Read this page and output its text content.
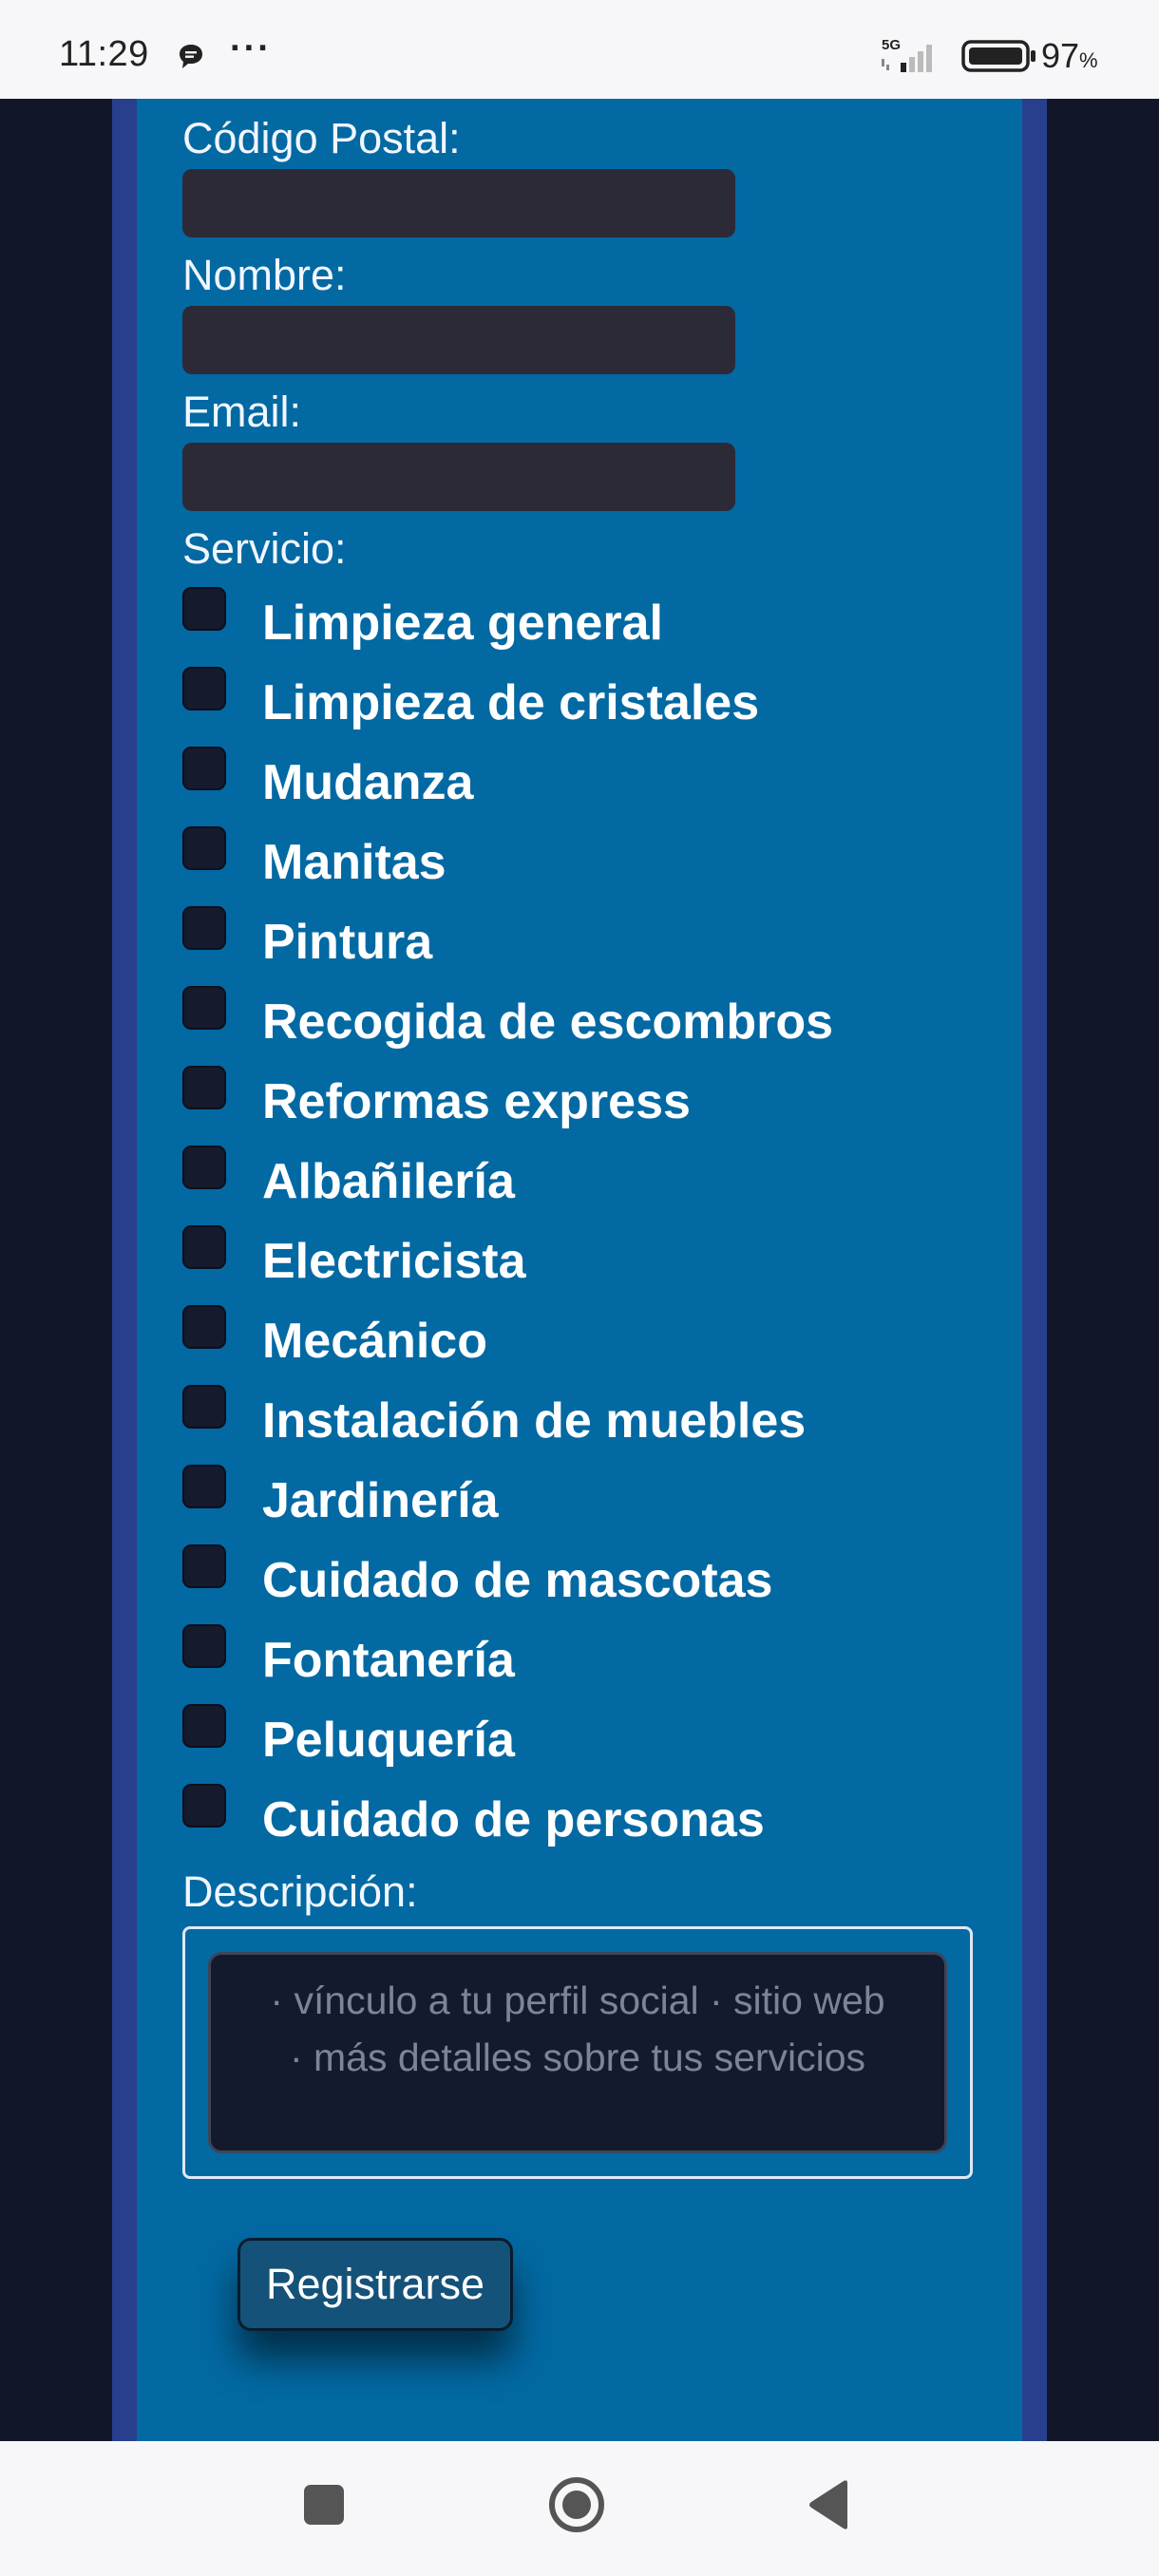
11:29 ···	5G	97%
Código Postal:
Nombre:
Email:
Servicio:
Limpieza general
Limpieza de cristales
Mudanza
Manitas
Pintura
Recogida de escombros
Reformas express
Albañilería
Electricista
Mecánico
Instalación de muebles
Jardinería
Cuidado de mascotas
Fontanería
Peluquería
Cuidado de personas
Descripción:
· vínculo a tu perfil social · sitio web
· más detalles sobre tus servicios
Registrarse
